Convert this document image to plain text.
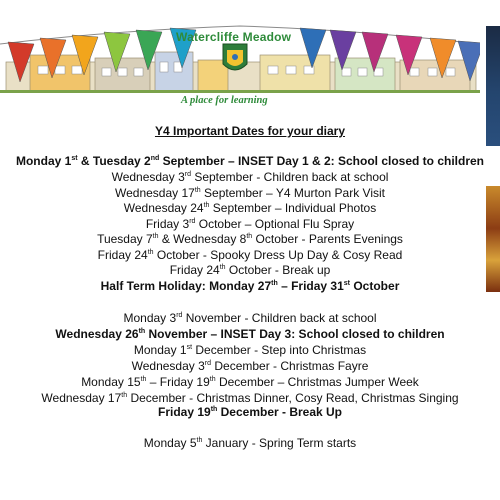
Watercliffe Meadow
A place for learning
Y4 Important Dates for your diary
Monday 1st & Tuesday 2nd September – INSET Day 1 & 2: School closed to children
Wednesday 3rd September - Children back at school
Wednesday 17th September – Y4 Murton Park Visit
Wednesday 24th September – Individual Photos
Friday 3rd October – Optional Flu Spray
Tuesday 7th & Wednesday 8th October - Parents Evenings
Friday 24th October - Spooky Dress Up Day & Cosy Read
Friday 24th October - Break up
Half Term Holiday: Monday 27th – Friday 31st October
Monday 3rd November - Children back at school
Wednesday 26th November – INSET Day 3: School closed to children
Monday 1st December - Step into Christmas
Wednesday 3rd December - Christmas Fayre
Monday 15th – Friday 19th December – Christmas Jumper Week
Wednesday 17th December - Christmas Dinner, Cosy Read, Christmas Singing
Friday 19th December - Break Up
Monday 5th January - Spring Term starts
